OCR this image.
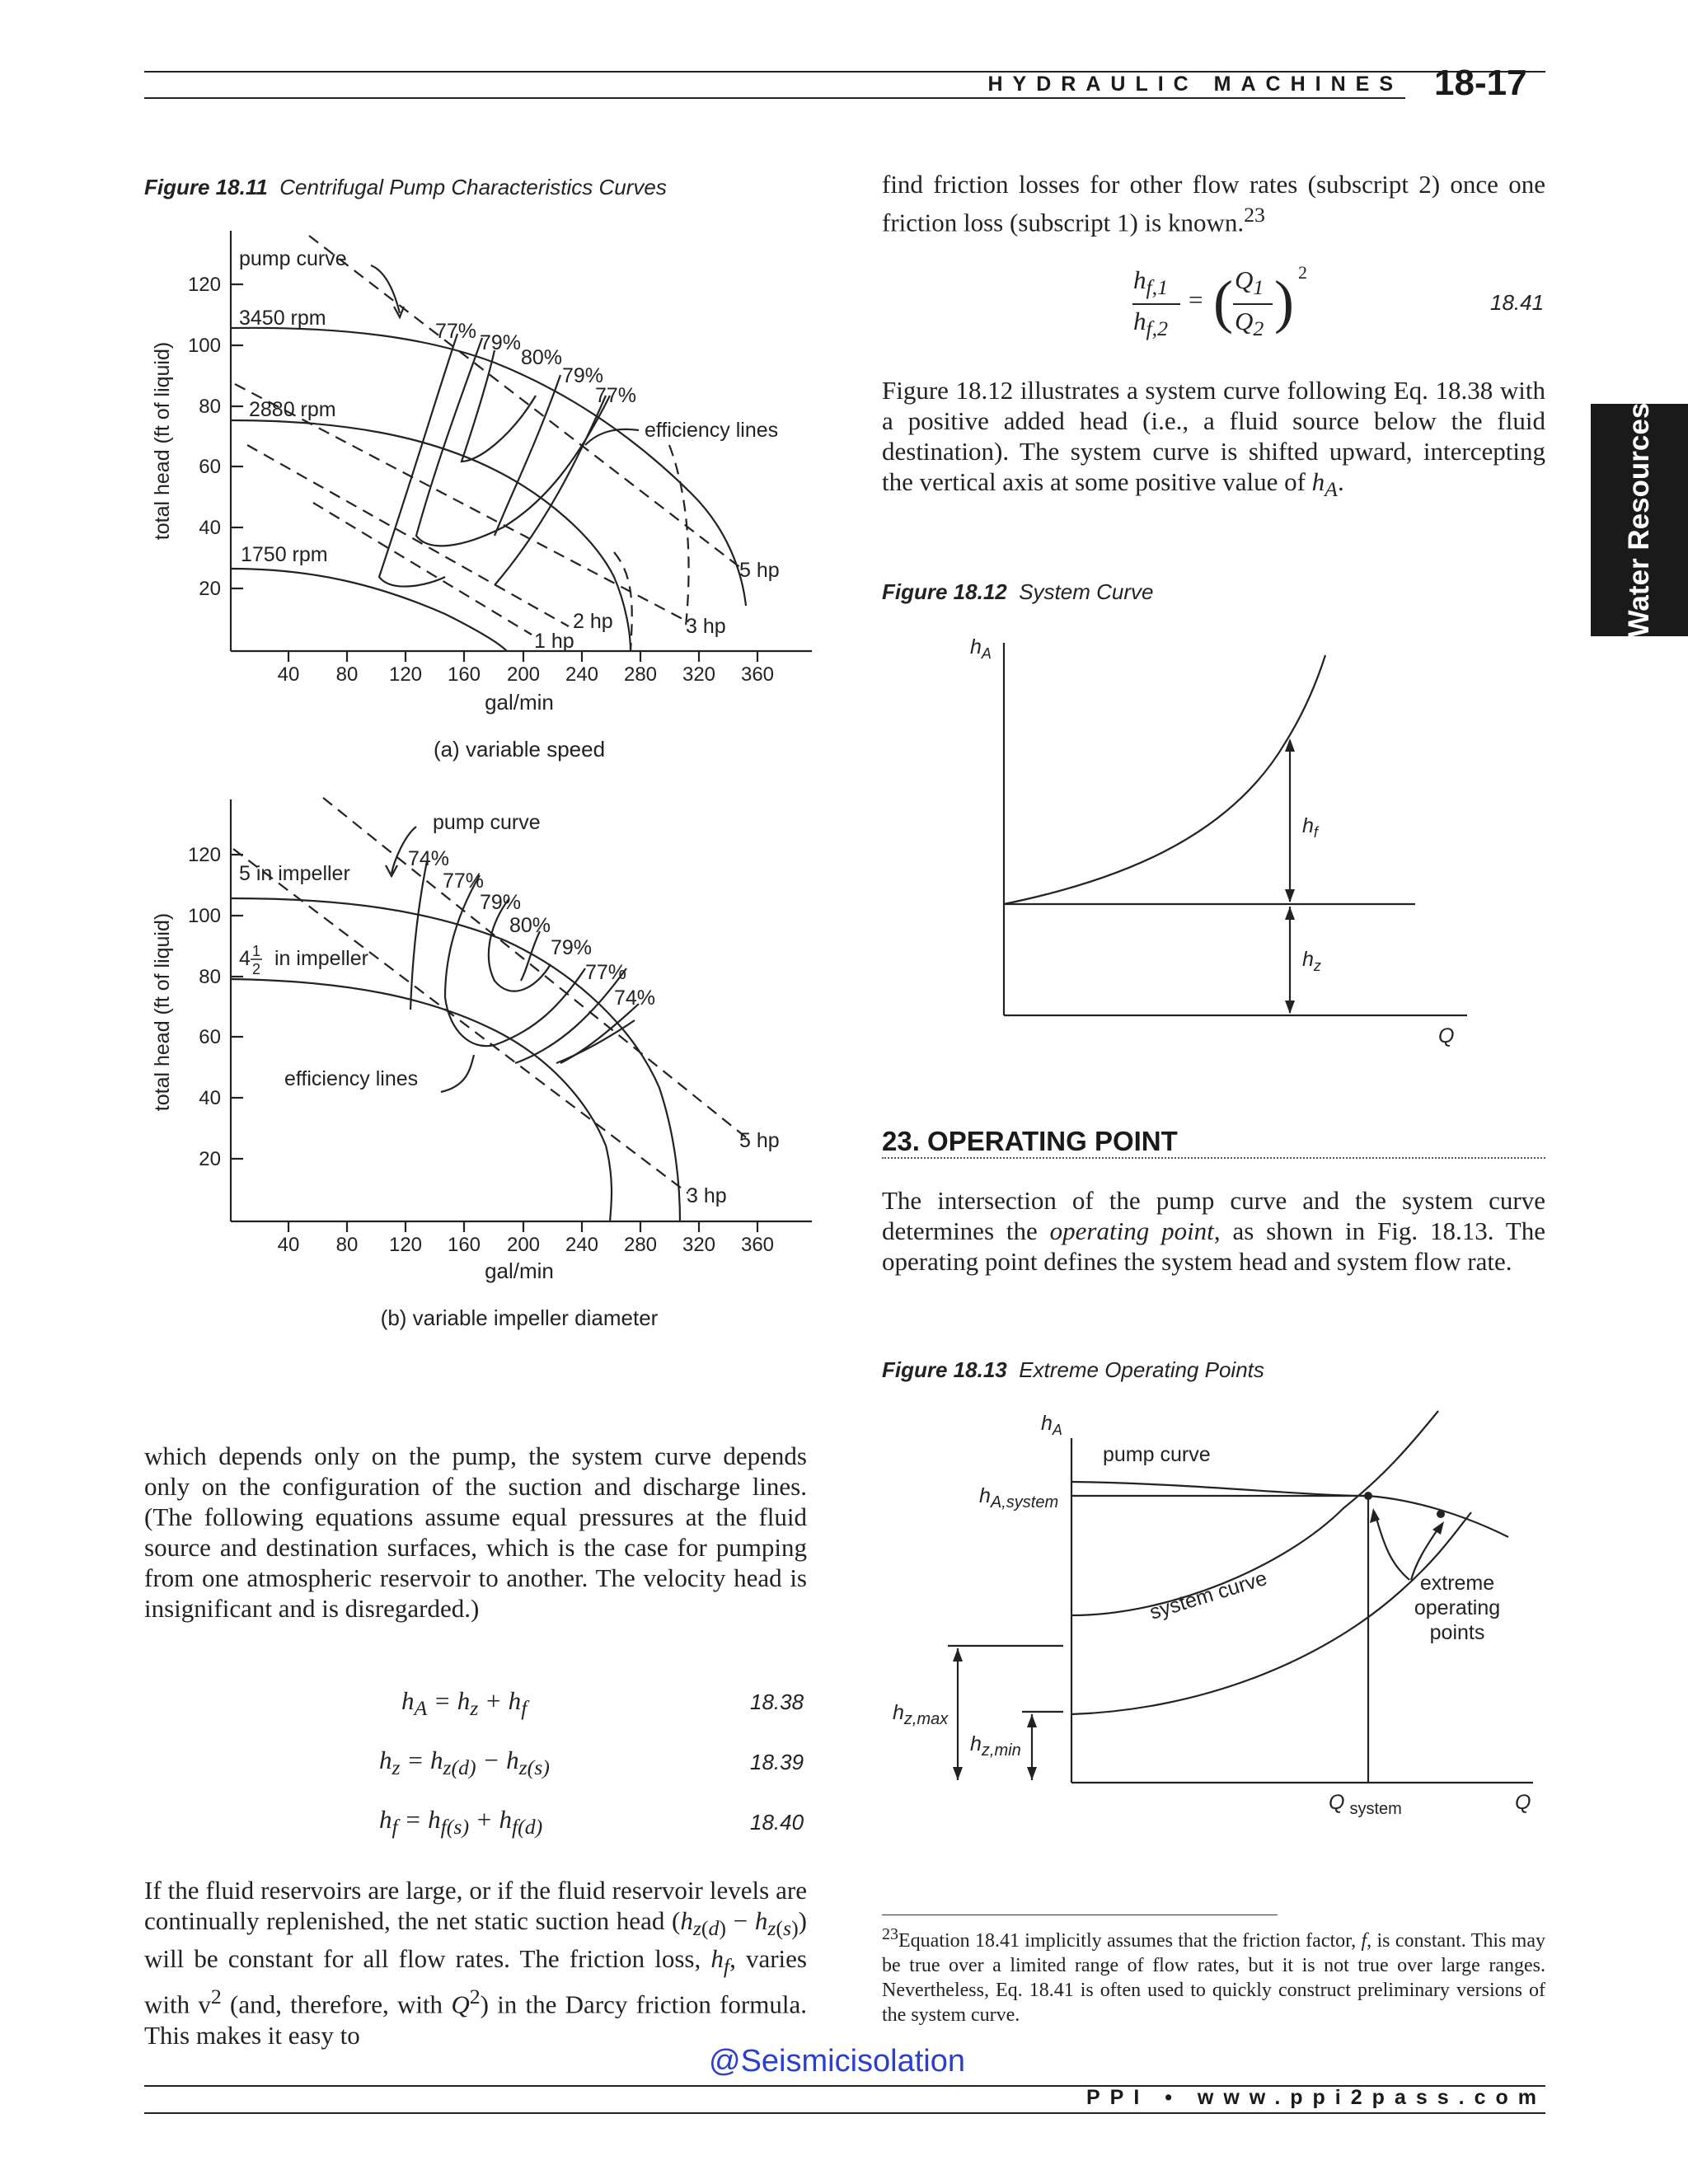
HYDRAULIC MACHINES 18-17
Water Resources
Figure 18.11 Centrifugal Pump Characteristics Curves
pump curve
3450 rpm
2880 rpm
1750 rpm
77% 79%
80%
79%
77%
efficiency lines
5 hp
2 hp	3 hp
1 hp
120
100
80
60
40
20
40 80 120 160 200 240 280 320 360
gal/min
(a) variable speed
total head (ft of liquid)
pump curve
5 in impeller
4 1
2 in impeller
74%
77%
79%
80%
79%
77%
74%
efficiency lines
5 hp
3 hp
120
100
80
60
40
20
40 80 120 160 200 240 280 320 360
gal/min
(b) variable impeller diameter
total head (ft of liquid)
which depends only on the pump, the system curve depends only on the configuration of the suction and discharge lines. (The following equations assume equal pressures at the fluid source and destination surfaces, which is the case for pumping from one atmospheric reservoir to another. The velocity head is insignificant and is disregarded.)
$h_A = h_z + h_f$	18.38
$h_z = h_{z(d)} - h_{z(s)}$	18.39
$h_f = h_{f(s)} + h_{f(d)}$	18.40
If the fluid reservoirs are large, or if the fluid reservoir levels are continually replenished, the net static suction head $(h_{z(d)} - h_{z(s)})$ will be constant for all flow rates. The friction loss, $h_f$, varies with $v^2$ (and, therefore, with $Q^2$) in the Darcy friction formula. This makes it easy to
find friction losses for other flow rates (subscript 2) once one friction loss (subscript 1) is known.$^{23}$
$h_{f,1}$
$h_{f,2}$
= ( $Q_1$
$Q_2$ ) 2
18.41
Figure 18.12 illustrates a system curve following Eq. 18.38 with a positive added head (i.e., a fluid source below the fluid destination). The system curve is shifted upward, intercepting the vertical axis at some positive value of $h_A$.
Figure 18.12 System Curve
$h_A$
$h_f$
$h_z$
Q
23. OPERATING POINT
The intersection of the pump curve and the system curve determines the operating point, as shown in Fig. 18.13. The operating point defines the system head and system flow rate.
Figure 18.13 Extreme Operating Points
$h_A$
pump curve
$h_{A,system}$
system curve	extreme
operating
points
$h_{z,max}$
$h_{z,min}$
Q $_{system}$	Q
$^{23}$Equation 18.41 implicitly assumes that the friction factor, f, is constant. This may be true over a limited range of flow rates, but it is not true over large ranges. Nevertheless, Eq. 18.41 is often used to quickly construct preliminary versions of the system curve.
@Seismicisolation
PPI • www.ppi2pass.com
